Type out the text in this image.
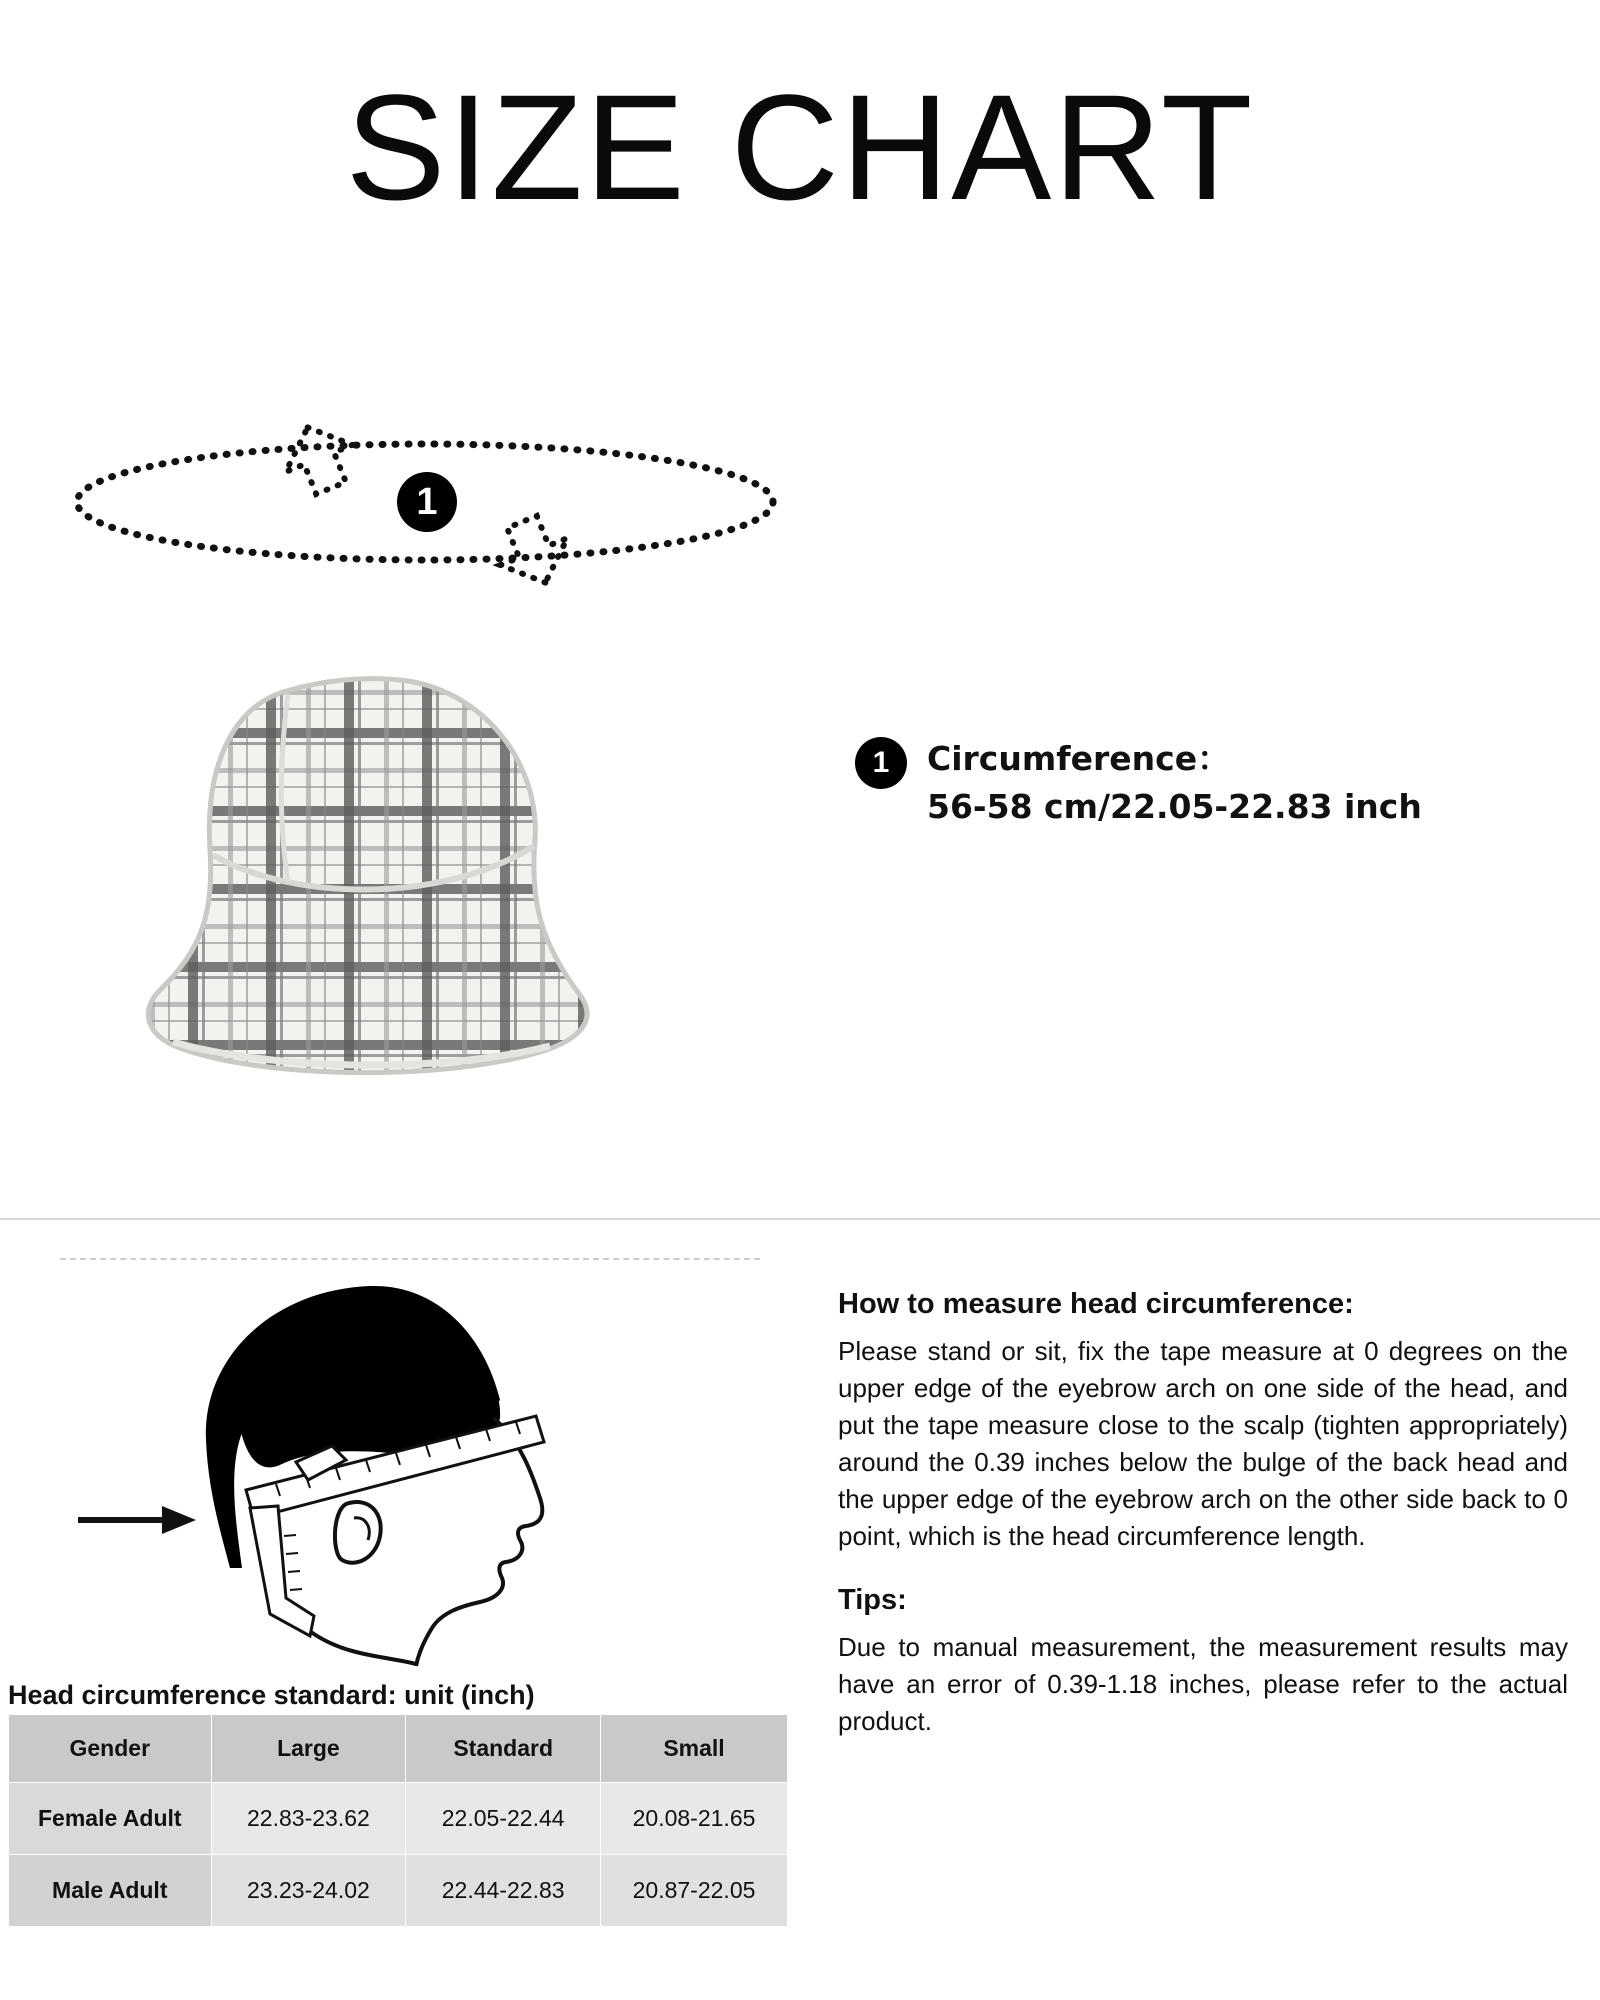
SIZE CHART
1
1	Circumference：
56-58 cm/22.05-22.83 inch
Head circumference standard: unit (inch)
Gender	Large	Standard	Small
Female Adult	22.83-23.62	22.05-22.44	20.08-21.65
Male Adult	23.23-24.02	22.44-22.83	20.87-22.05
How to measure head circumference:

Please stand or sit, fix the tape measure at 0 degrees on the upper edge of the eyebrow arch on one side of the head, and put the tape measure close to the scalp (tighten appropriately) around the 0.39 inches below the bulge of the back head and the upper edge of the eyebrow arch on the other side back to 0 point, which is the head circumference length.

Tips:

Due to manual measurement, the measurement results may have an error of 0.39-1.18 inches, please refer to the actual product.
